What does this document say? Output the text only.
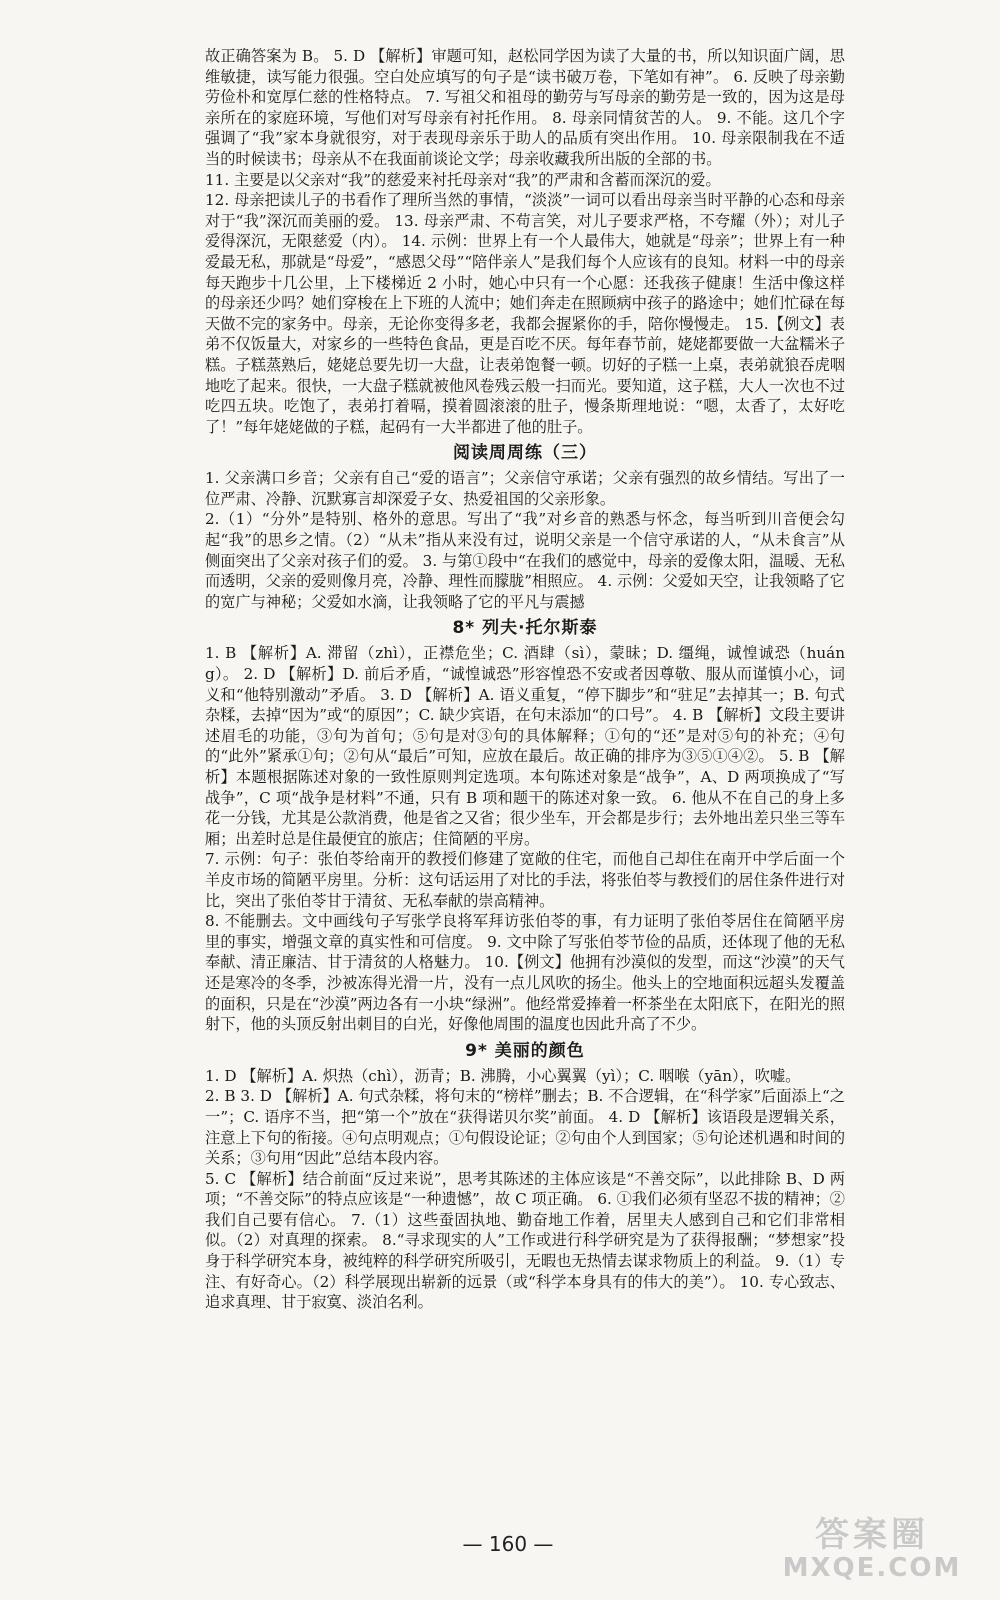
故正确答案为 B。 5. D 【解析】审题可知，赵松同学因为读了大量的书，所以知识面广阔，思维敏捷，读写能力很强。空白处应填写的句子是“读书破万卷，下笔如有神”。 6. 反映了母亲勤劳俭朴和宽厚仁慈的性格特点。 7. 写祖父和祖母的勤劳与写母亲的勤劳是一致的，因为这是母亲所在的家庭环境，写他们对写母亲有衬托作用。 8. 母亲同情贫苦的人。 9. 不能。这几个字强调了“我”家本身就很穷，对于表现母亲乐于助人的品质有突出作用。 10. 母亲限制我在不适当的时候读书；母亲从不在我面前谈论文学；母亲收藏我所出版的全部的书。

11. 主要是以父亲对“我”的慈爱来衬托母亲对“我”的严肃和含蓄而深沉的爱。

12. 母亲把读儿子的书看作了理所当然的事情，“淡淡”一词可以看出母亲当时平静的心态和母亲对于“我”深沉而美丽的爱。 13. 母亲严肃、不苟言笑，对儿子要求严格，不夸耀（外）；对儿子爱得深沉，无限慈爱（内）。 14. 示例：世界上有一个人最伟大，她就是“母亲”；世界上有一种爱最无私，那就是“母爱”，“感恩父母”“陪伴亲人”是我们每个人应该有的良知。材料一中的母亲每天跑步十几公里，上下楼梯近 2 小时，她心中只有一个心愿：还我孩子健康！生活中像这样的母亲还少吗？她们穿梭在上下班的人流中；她们奔走在照顾病中孩子的路途中；她们忙碌在每天做不完的家务中。母亲，无论你变得多老，我都会握紧你的手，陪你慢慢走。 15.【例文】表弟不仅饭量大，对家乡的一些特色食品，更是百吃不厌。每年春节前，姥姥都要做一大盆糯米子糕。子糕蒸熟后，姥姥总要先切一大盘，让表弟饱餐一顿。切好的子糕一上桌，表弟就狼吞虎咽地吃了起来。很快，一大盘子糕就被他风卷残云般一扫而光。要知道，这子糕，大人一次也不过吃四五块。吃饱了，表弟打着嗝，摸着圆滚滚的肚子，慢条斯理地说：“嗯，太香了，太好吃了！”每年姥姥做的子糕，起码有一大半都进了他的肚子。

阅读周周练（三）

1. 父亲满口乡音；父亲有自己“爱的语言”；父亲信守承诺；父亲有强烈的故乡情结。写出了一位严肃、冷静、沉默寡言却深爱子女、热爱祖国的父亲形象。

2.（1）“分外”是特别、格外的意思。写出了“我”对乡音的熟悉与怀念，每当听到川音便会勾起“我”的思乡之情。（2）“从未”指从来没有过，说明父亲是一个信守承诺的人，“从未食言”从侧面突出了父亲对孩子们的爱。 3. 与第①段中“在我们的感觉中，母亲的爱像太阳，温暖、无私而透明，父亲的爱则像月亮，冷静、理性而朦胧”相照应。 4. 示例：父爱如天空，让我领略了它的宽广与神秘；父爱如水滴，让我领略了它的平凡与震撼

8* 列夫·托尔斯泰

1. B 【解析】A. 滞留（zhì），正襟危坐；C. 酒肆（sì），蒙昧；D. 缰绳，诚惶诚恐（huáng）。 2. D 【解析】D. 前后矛盾，“诚惶诚恐”形容惶恐不安或者因尊敬、服从而谨慎小心，词义和“他特别激动”矛盾。 3. D 【解析】A. 语义重复，“停下脚步”和“驻足”去掉其一；B. 句式杂糅，去掉“因为”或“的原因”；C. 缺少宾语，在句末添加“的口号”。 4. B 【解析】文段主要讲述眉毛的功能，③句为首句；⑤句是对③句的具体解释；①句的“还”是对⑤句的补充；④句的“此外”紧承①句；②句从“最后”可知，应放在最后。故正确的排序为③⑤①④②。 5. B 【解析】本题根据陈述对象的一致性原则判定选项。本句陈述对象是“战争”，A、D 两项换成了“写战争”，C 项“战争是材料”不通，只有 B 项和题干的陈述对象一致。 6. 他从不在自己的身上多花一分钱，尤其是公款消费，他是省之又省；很少坐车，开会都是步行；去外地出差只坐三等车厢；出差时总是住最便宜的旅店；住简陋的平房。

7. 示例：句子：张伯苓给南开的教授们修建了宽敞的住宅，而他自己却住在南开中学后面一个羊皮市场的简陋平房里。分析：这句话运用了对比的手法，将张伯苓与教授们的居住条件进行对比，突出了张伯苓甘于清贫、无私奉献的崇高精神。

8. 不能删去。文中画线句子写张学良将军拜访张伯苓的事，有力证明了张伯苓居住在简陋平房里的事实，增强文章的真实性和可信度。 9. 文中除了写张伯苓节俭的品质，还体现了他的无私奉献、清正廉洁、甘于清贫的人格魅力。 10.【例文】他拥有沙漠似的发型，而这“沙漠”的天气还是寒冷的冬季，沙被冻得光滑一片，没有一点儿风吹的扬尘。他头上的空地面积远超头发覆盖的面积，只是在“沙漠”两边各有一小块“绿洲”。他经常爱捧着一杯茶坐在太阳底下，在阳光的照射下，他的头顶反射出刺目的白光，好像他周围的温度也因此升高了不少。

9* 美丽的颜色

1. D 【解析】A. 炽热（chì），沥青；B. 沸腾，小心翼翼（yì）；C. 咽喉（yān），吹嘘。

2. B 3. D 【解析】A. 句式杂糅，将句末的“榜样”删去；B. 不合逻辑，在“科学家”后面添上“之一”；C. 语序不当，把“第一个”放在“获得诺贝尔奖”前面。 4. D 【解析】该语段是逻辑关系，注意上下句的衔接。④句点明观点；①句假设论证；②句由个人到国家；⑤句论述机遇和时间的关系；③句用“因此”总结本段内容。

5. C 【解析】结合前面“反过来说”，思考其陈述的主体应该是“不善交际”，以此排除 B、D 两项；“不善交际”的特点应该是“一种遗憾”，故 C 项正确。 6. ①我们必须有坚忍不拔的精神；②我们自己要有信心。 7.（1）这些蚕固执地、勤奋地工作着，居里夫人感到自己和它们非常相似。（2）对真理的探索。 8.“寻求现实的人”工作或进行科学研究是为了获得报酬；“梦想家”投身于科学研究本身，被纯粹的科学研究所吸引，无暇也无热情去谋求物质上的利益。 9.（1）专注、有好奇心。（2）科学展现出崭新的远景（或“科学本身具有的伟大的美”）。 10. 专心致志、追求真理、甘于寂寞、淡泊名利。

— 160 —	答案圈
MXQE.COM
